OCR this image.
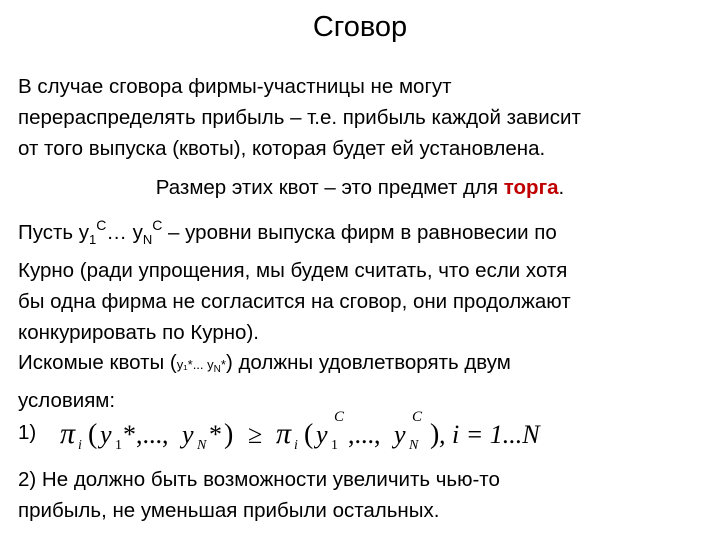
Сговор
В случае сговора фирмы-участницы не могут
перераспределять прибыль – т.е. прибыль каждой зависит
от того выпуска (квоты), которая будет ей установлена.
Размер этих квот – это предмет для торга.
Пусть $y_1^C\dots$ $y_N^C$ – уровни выпуска фирм в равновесии по
Курно (ради упрощения, мы будем считать, что если хотя
бы одна фирма не согласится на сговор, они продолжают
конкурировать по Курно).
Искомые квоты (y₁*... yN*) должны удовлетворять двум
условиям:
1) π i ( y 1 * ,..., y N * ) ≥ π i ( y 1
C
,..., y N
C
) , i = 1...N
2) Не должно быть возможности увеличить чью-то
прибыль, не уменьшая прибыли остальных.
